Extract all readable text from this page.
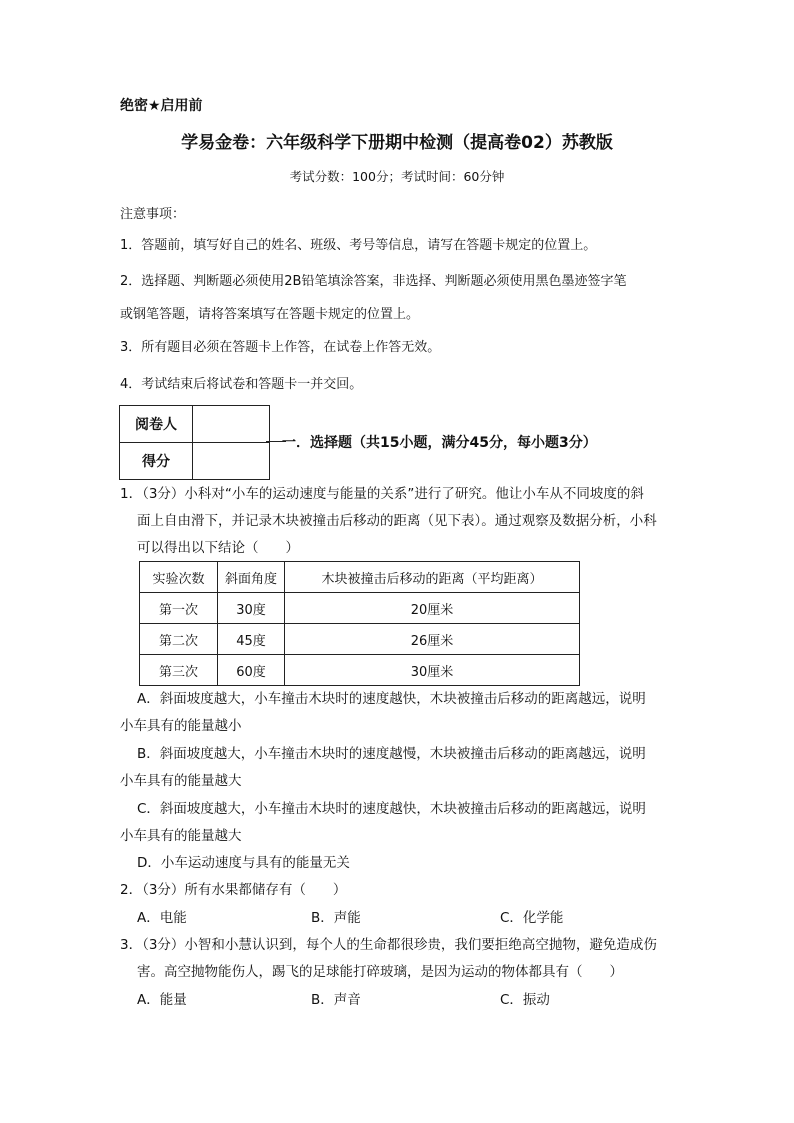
绝密★启用前
学易金卷：六年级科学下册期中检测（提高卷02）苏教版
考试分数：100分；考试时间：60分钟
注意事项：
1．答题前，填写好自己的姓名、班级、考号等信息，请写在答题卡规定的位置上。
2．选择题、判断题必须使用2B铅笔填涂答案，非选择、判断题必须使用黑色墨迹签字笔
或钢笔答题，请将答案填写在答题卡规定的位置上。
3．所有题目必须在答题卡上作答，在试卷上作答无效。
4．考试结束后将试卷和答题卡一并交回。
阅卷人	
得分	
一．选择题（共15小题，满分45分，每小题3分）
1．（3分）小科对“小车的运动速度与能量的关系”进行了研究。他让小车从不同坡度的斜
面上自由滑下，并记录木块被撞击后移动的距离（见下表）。通过观察及数据分析，小科
可以得出以下结论（　　）
实验次数	斜面角度	木块被撞击后移动的距离（平均距离）
第一次	30度	20厘米
第二次	45度	26厘米
第三次	60度	30厘米
A．斜面坡度越大，小车撞击木块时的速度越快，木块被撞击后移动的距离越远，说明
小车具有的能量越小
B．斜面坡度越大，小车撞击木块时的速度越慢，木块被撞击后移动的距离越远，说明
小车具有的能量越大
C．斜面坡度越大，小车撞击木块时的速度越快，木块被撞击后移动的距离越远，说明
小车具有的能量越大
D．小车运动速度与具有的能量无关
2．（3分）所有水果都储存有（　　）
A．电能	B．声能	C．化学能
3．（3分）小智和小慧认识到，每个人的生命都很珍贵，我们要拒绝高空抛物，避免造成伤
害。高空抛物能伤人，踢飞的足球能打碎玻璃，是因为运动的物体都具有（　　）
A．能量	B．声音	C．振动
